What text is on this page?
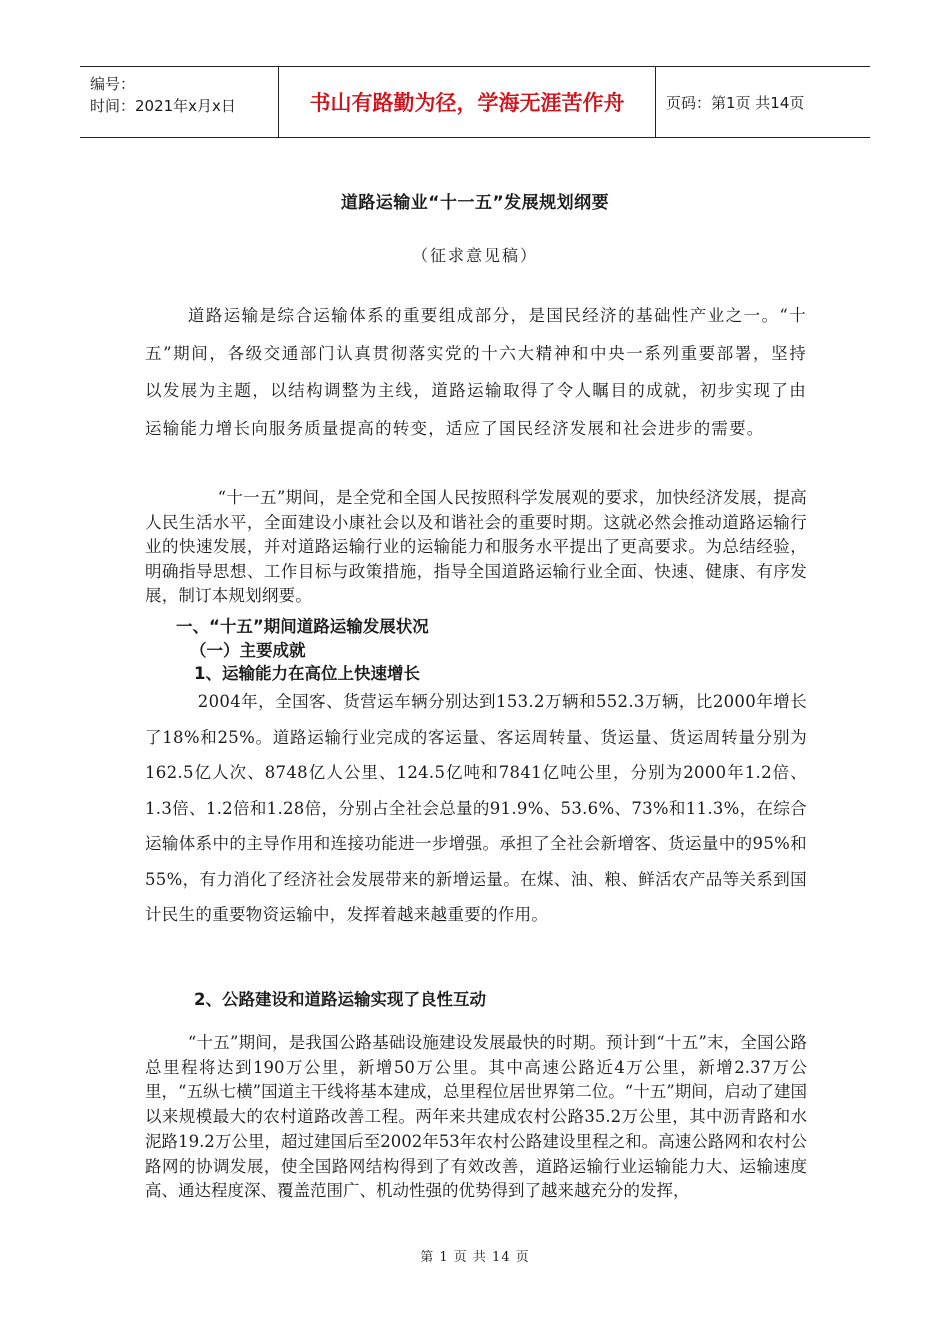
编号：
时间：2021年x月x日	书山有路勤为径，学海无涯苦作舟	页码：第1页 共14页
道路运输业“十一五”发展规划纲要
（征求意见稿）

道路运输是综合运输体系的重要组成部分，是国民经济的基础性产业之一。“十五”期间，各级交通部门认真贯彻落实党的十六大精神和中央一系列重要部署，坚持以发展为主题，以结构调整为主线，道路运输取得了令人瞩目的成就，初步实现了由运输能力增长向服务质量提高的转变，适应了国民经济发展和社会进步的需要。

“十一五”期间，是全党和全国人民按照科学发展观的要求，加快经济发展，提高人民生活水平，全面建设小康社会以及和谐社会的重要时期。这就必然会推动道路运输行业的快速发展，并对道路运输行业的运输能力和服务水平提出了更高要求。为总结经验，明确指导思想、工作目标与政策措施，指导全国道路运输行业全面、快速、健康、有序发展，制订本规划纲要。

一、“十五”期间道路运输发展状况
（一）主要成就
1、运输能力在高位上快速增长

2004年，全国客、货营运车辆分别达到153.2万辆和552.3万辆，比2000年增长了18%和25%。道路运输行业完成的客运量、客运周转量、货运量、货运周转量分别为162.5亿人次、8748亿人公里、124.5亿吨和7841亿吨公里，分别为2000年1.2倍、1.3倍、1.2倍和1.28倍，分别占全社会总量的91.9%、53.6%、73%和11.3%，在综合运输体系中的主导作用和连接功能进一步增强。承担了全社会新增客、货运量中的95%和55%，有力消化了经济社会发展带来的新增运量。在煤、油、粮、鲜活农产品等关系到国计民生的重要物资运输中，发挥着越来越重要的作用。

2、公路建设和道路运输实现了良性互动

“十五”期间，是我国公路基础设施建设发展最快的时期。预计到“十五”末，全国公路总里程将达到190万公里，新增50万公里。其中高速公路近4万公里，新增2.37万公里，“五纵七横”国道主干线将基本建成，总里程位居世界第二位。“十五”期间，启动了建国以来规模最大的农村道路改善工程。两年来共建成农村公路35.2万公里，其中沥青路和水泥路19.2万公里，超过建国后至2002年53年农村公路建设里程之和。高速公路网和农村公路网的协调发展，使全国路网结构得到了有效改善，道路运输行业运输能力大、运输速度高、通达程度深、覆盖范围广、机动性强的优势得到了越来越充分的发挥，

第 1 页 共 14 页
